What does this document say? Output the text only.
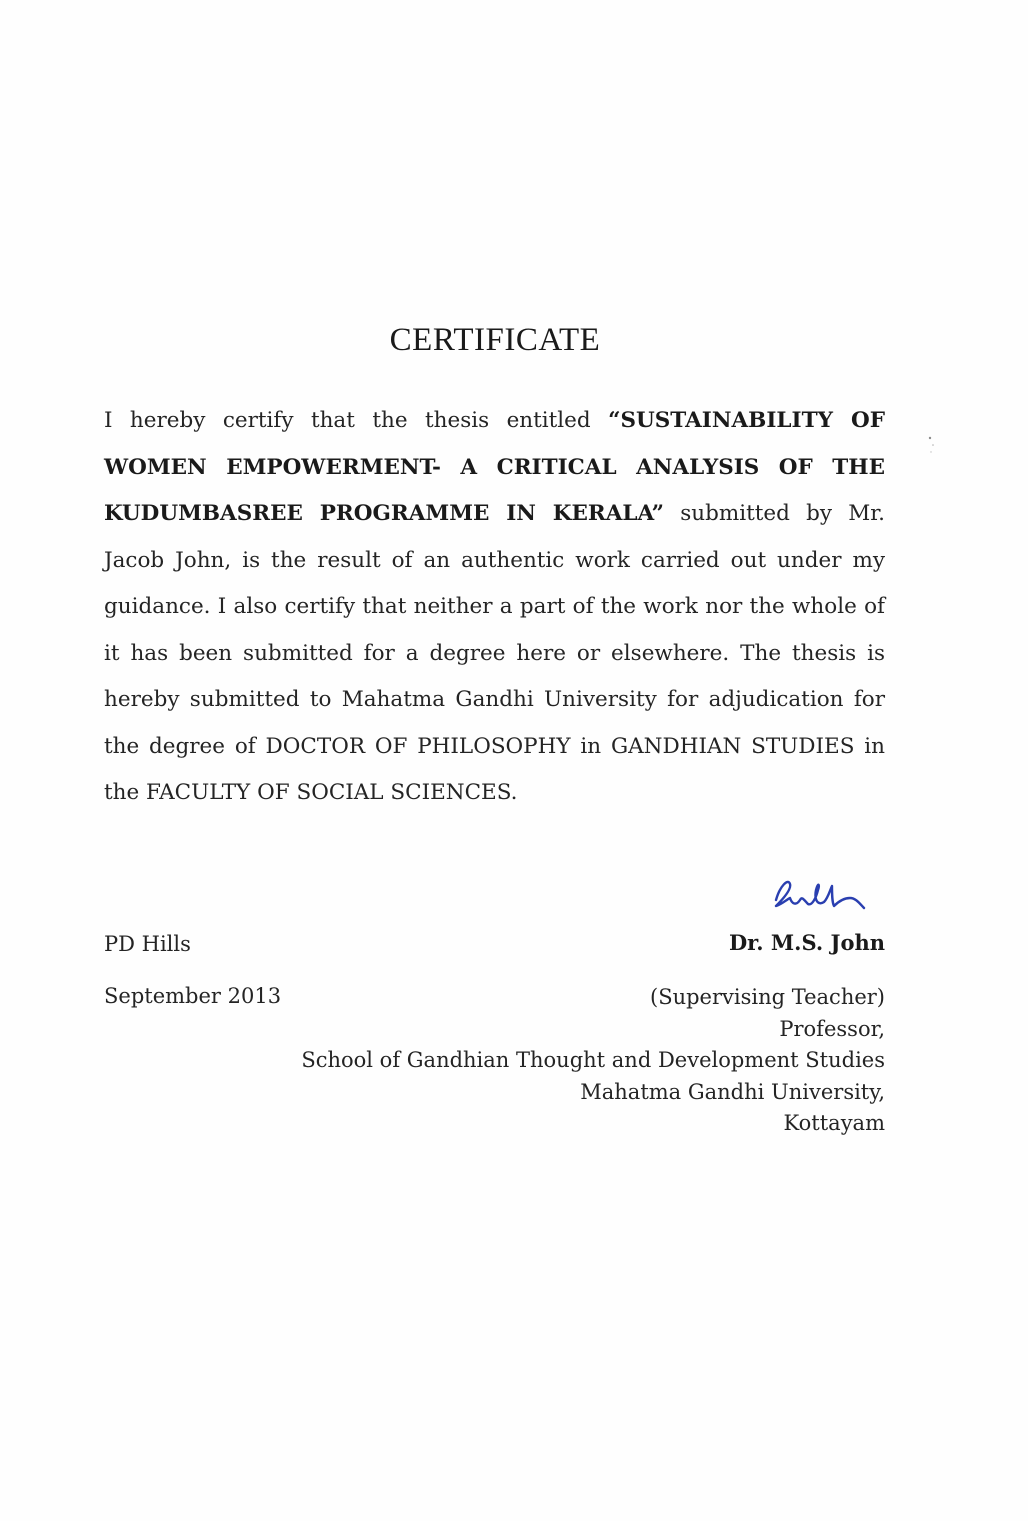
CERTIFICATE
I hereby certify that the thesis entitled “SUSTAINABILITY OF WOMEN EMPOWERMENT- A CRITICAL ANALYSIS OF THE KUDUMBASREE PROGRAMME IN KERALA” submitted by Mr. Jacob John, is the result of an authentic work carried out under my guidance. I also certify that neither a part of the work nor the whole of it has been submitted for a degree here or elsewhere. The thesis is hereby submitted to Mahatma Gandhi University for adjudication for the degree of DOCTOR OF PHILOSOPHY in GANDHIAN STUDIES in the FACULTY OF SOCIAL SCIENCES.
Dr. M.S. John
PD Hills
September 2013	(Supervising Teacher)
Professor,
School of Gandhian Thought and Development Studies
Mahatma Gandhi University,
Kottayam
